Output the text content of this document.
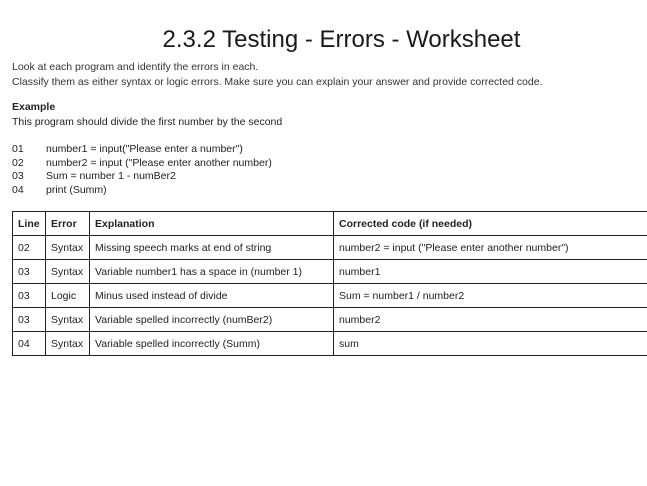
2.3.2 Testing - Errors - Worksheet
Look at each program and identify the errors in each.
Classify them as either syntax or logic errors. Make sure you can explain your answer and provide corrected code.
Example
This program should divide the first number by the second
01	number1 = input("Please enter a number")
02	number2 = input ("Please enter another number)
03	Sum = number 1 - numBer2
04	print (Summ)
Line	Error	Explanation	Corrected code (if needed)
02	Syntax	Missing speech marks at end of string	number2 = input ("Please enter another number")
03	Syntax	Variable number1 has a space in (number 1)	number1
03	Logic	Minus used instead of divide	Sum = number1 / number2
03	Syntax	Variable spelled incorrectly (numBer2)	number2
04	Syntax	Variable spelled incorrectly (Summ)	sum
